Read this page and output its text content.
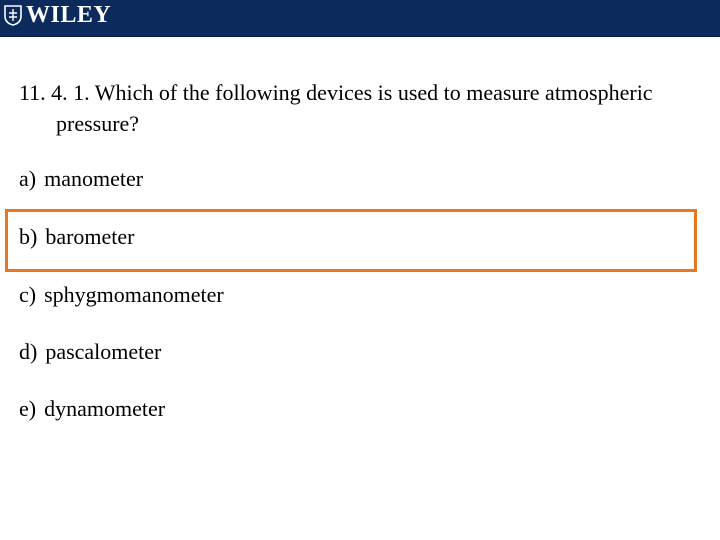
WILEY
11. 4. 1. Which of the following devices is used to measure atmospheric
pressure?
a) manometer
b) barometer
c) sphygmomanometer
d) pascalometer
e) dynamometer
